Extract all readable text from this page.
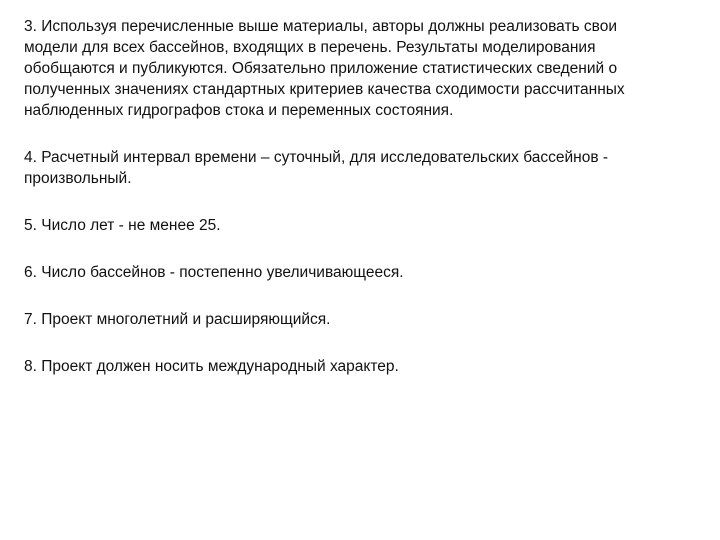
3. Используя перечисленные выше материалы, авторы должны реализовать свои
модели для всех бассейнов, входящих в перечень. Результаты моделирования
обобщаются и публикуются. Обязательно приложение статистических сведений о
полученных значениях стандартных критериев качества сходимости рассчитанных
наблюденных гидрографов стока и переменных состояния.

4. Расчетный интервал времени – суточный, для исследовательских бассейнов -
произвольный.

5. Число лет - не менее 25.

6. Число бассейнов - постепенно увеличивающееся.

7. Проект многолетний и расширяющийся.

8. Проект должен носить международный характер.
